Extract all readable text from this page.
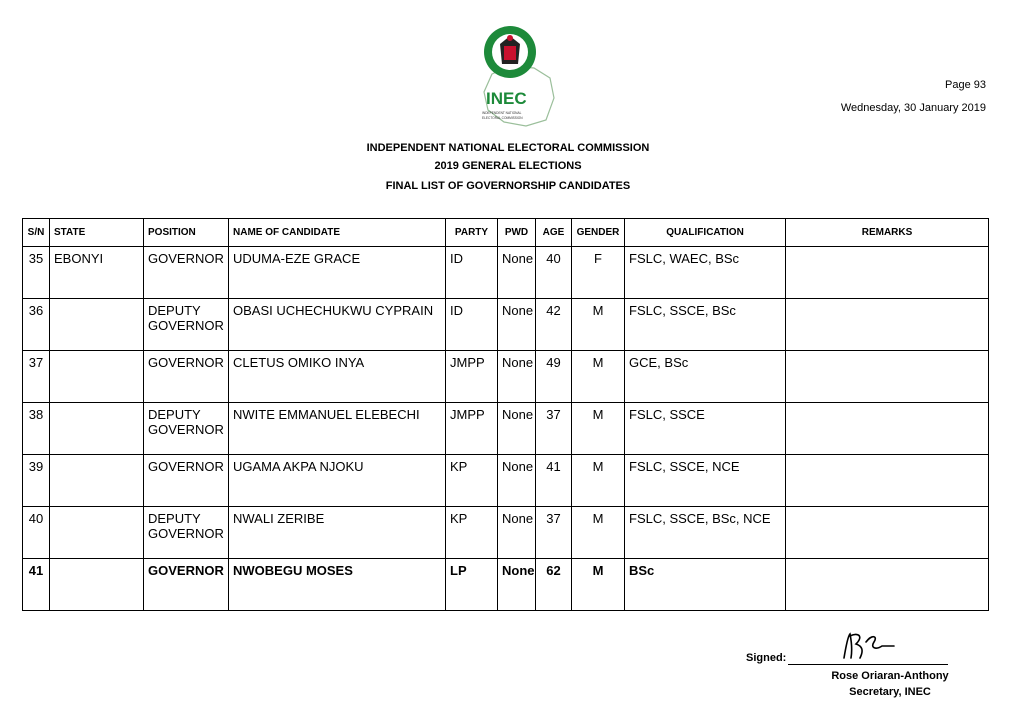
INEC
INDEPENDENT NATIONAL
ELECTORAL COMMISSION
Page 93
Wednesday, 30 January 2019
INDEPENDENT NATIONAL ELECTORAL COMMISSION
2019 GENERAL ELECTIONS
FINAL LIST OF GOVERNORSHIP CANDIDATES
S/N	STATE	POSITION	NAME OF CANDIDATE	PARTY	PWD	AGE	GENDER	QUALIFICATION	REMARKS
35	EBONYI	GOVERNOR	UDUMA-EZE GRACE	ID	None	40	F	FSLC, WAEC, BSc	
36		DEPUTY GOVERNOR	OBASI UCHECHUKWU CYPRAIN	ID	None	42	M	FSLC, SSCE, BSc	
37		GOVERNOR	CLETUS OMIKO INYA	JMPP	None	49	M	GCE, BSc	
38		DEPUTY GOVERNOR	NWITE EMMANUEL ELEBECHI	JMPP	None	37	M	FSLC, SSCE	
39		GOVERNOR	UGAMA AKPA NJOKU	KP	None	41	M	FSLC, SSCE, NCE	
40		DEPUTY GOVERNOR	NWALI ZERIBE	KP	None	37	M	FSLC, SSCE, BSc, NCE	
41		GOVERNOR	NWOBEGU MOSES	LP	None	62	M	BSc	
Signed:
Rose Oriaran-Anthony
Secretary, INEC
